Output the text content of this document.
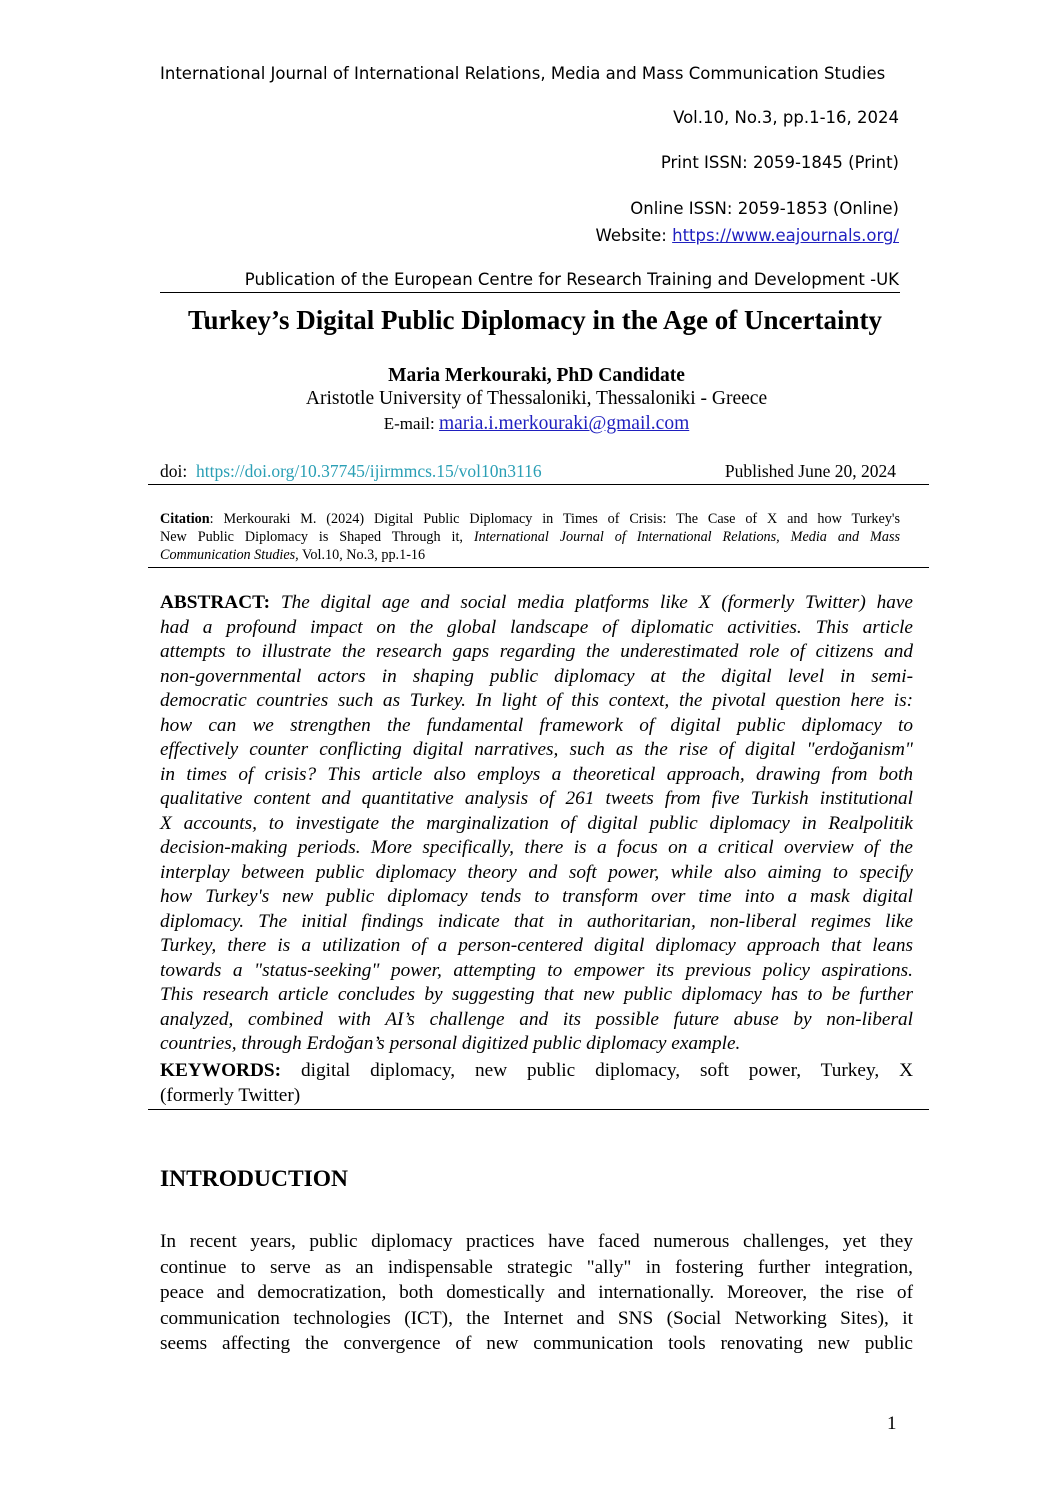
International Journal of International Relations, Media and Mass Communication Studies
Vol.10, No.3, pp.1-16, 2024
Print ISSN: 2059-1845 (Print)
Online ISSN: 2059-1853 (Online)
Website: https://www.eajournals.org/
Publication of the European Centre for Research Training and Development -UK
Turkey’s Digital Public Diplomacy in the Age of Uncertainty
Maria Merkouraki, PhD Candidate
Aristotle University of Thessaloniki, Thessaloniki - Greece
E-mail: maria.i.merkouraki@gmail.com
doi: https://doi.org/10.37745/ijirmmcs.15/vol10n3116	Published June 20, 2024
Citation: Merkouraki M. (2024) Digital Public Diplomacy in Times of Crisis: The Case of X and how Turkey's
New Public Diplomacy is Shaped Through it, International Journal of International Relations, Media and Mass
Communication Studies, Vol.10, No.3, pp.1-16
ABSTRACT: The digital age and social media platforms like X (formerly Twitter) have
had a profound impact on the global landscape of diplomatic activities. This article
attempts to illustrate the research gaps regarding the underestimated role of citizens and
non-governmental actors in shaping public diplomacy at the digital level in semi-
democratic countries such as Turkey. In light of this context, the pivotal question here is:
how can we strengthen the fundamental framework of digital public diplomacy to
effectively counter conflicting digital narratives, such as the rise of digital "erdoğanism"
in times of crisis? This article also employs a theoretical approach, drawing from both
qualitative content and quantitative analysis of 261 tweets from five Turkish institutional
X accounts, to investigate the marginalization of digital public diplomacy in Realpolitik
decision-making periods. More specifically, there is a focus on a critical overview of the
interplay between public diplomacy theory and soft power, while also aiming to specify
how Turkey's new public diplomacy tends to transform over time into a mask digital
diplomacy. The initial findings indicate that in authoritarian, non-liberal regimes like
Turkey, there is a utilization of a person-centered digital diplomacy approach that leans
towards a "status-seeking" power, attempting to empower its previous policy aspirations.
This research article concludes by suggesting that new public diplomacy has to be further
analyzed, combined with AI’s challenge and its possible future abuse by non-liberal
countries, through Erdoğan’s personal digitized public diplomacy example.
KEYWORDS: digital diplomacy, new public diplomacy, soft power, Turkey, X
(formerly Twitter)
INTRODUCTION
In recent years, public diplomacy practices have faced numerous challenges, yet they
continue to serve as an indispensable strategic "ally" in fostering further integration,
peace and democratization, both domestically and internationally. Moreover, the rise of
communication technologies (ICT), the Internet and SNS (Social Networking Sites), it
seems affecting the convergence of new communication tools renovating new public
1
